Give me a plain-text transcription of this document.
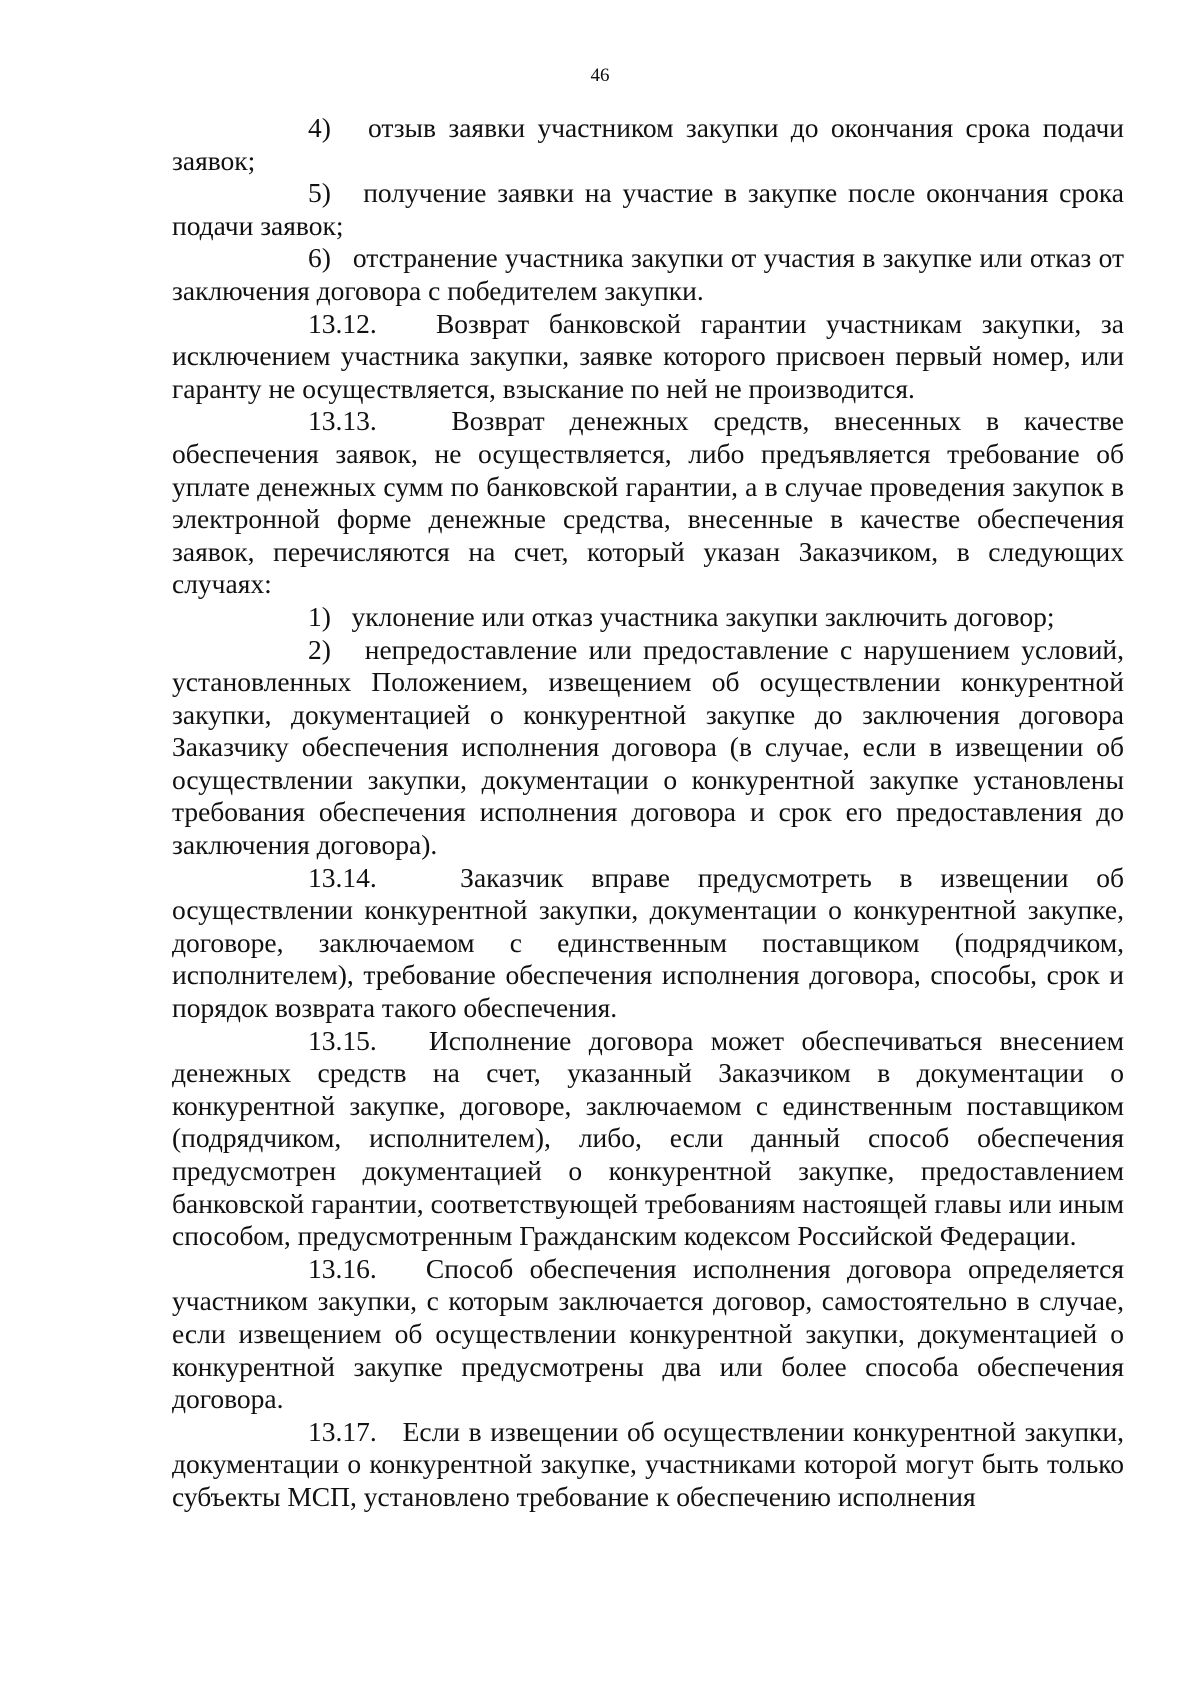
46

4) отзыв заявки участником закупки до окончания срока подачи заявок;

5) получение заявки на участие в закупке после окончания срока подачи заявок;

6) отстранение участника закупки от участия в закупке или отказ от заключения договора с победителем закупки.

13.12. Возврат банковской гарантии участникам закупки, за исключением участника закупки, заявке которого присвоен первый номер, или гаранту не осуществляется, взыскание по ней не производится.

13.13.	Возврат денежных средств, внесенных в качестве обеспечения заявок, не осуществляется, либо предъявляется требование об уплате денежных сумм по банковской гарантии, а в случае проведения закупок в электронной форме денежные средства, внесенные в качестве обеспечения заявок, перечисляются на счет, который указан Заказчиком, в следующих случаях:

1) уклонение или отказ участника закупки заключить договор;

2) непредоставление или предоставление с нарушением условий, установленных Положением, извещением об осуществлении конкурентной закупки, документацией о конкурентной закупке до заключения договора Заказчику обеспечения исполнения договора (в случае, если в извещении об осуществлении закупки, документации о конкурентной закупке установлены требования обеспечения исполнения договора и срок его предоставления до заключения договора).

13.14.	Заказчик вправе предусмотреть в извещении об осуществлении конкурентной закупки, документации о конкурентной закупке, договоре, заключаемом с единственным поставщиком (подрядчиком, исполнителем), требование обеспечения исполнения договора, способы, срок и порядок возврата такого обеспечения.

13.15. Исполнение договора может обеспечиваться внесением денежных средств на счет, указанный Заказчиком в документации о конкурентной закупке, договоре, заключаемом с единственным поставщиком (подрядчиком, исполнителем), либо, если данный способ обеспечения предусмотрен документацией о конкурентной закупке, предоставлением банковской гарантии, соответствующей требованиям настоящей главы или иным способом, предусмотренным Гражданским кодексом Российской Федерации.

13.16. Способ обеспечения исполнения договора определяется участником закупки, с которым заключается договор, самостоятельно в случае, если извещением об осуществлении конкурентной закупки, документацией о конкурентной закупке предусмотрены два или более способа обеспечения договора.

13.17. Если в извещении об осуществлении конкурентной закупки, документации о конкурентной закупке, участниками которой могут быть только субъекты МСП, установлено требование к обеспечению исполнения
